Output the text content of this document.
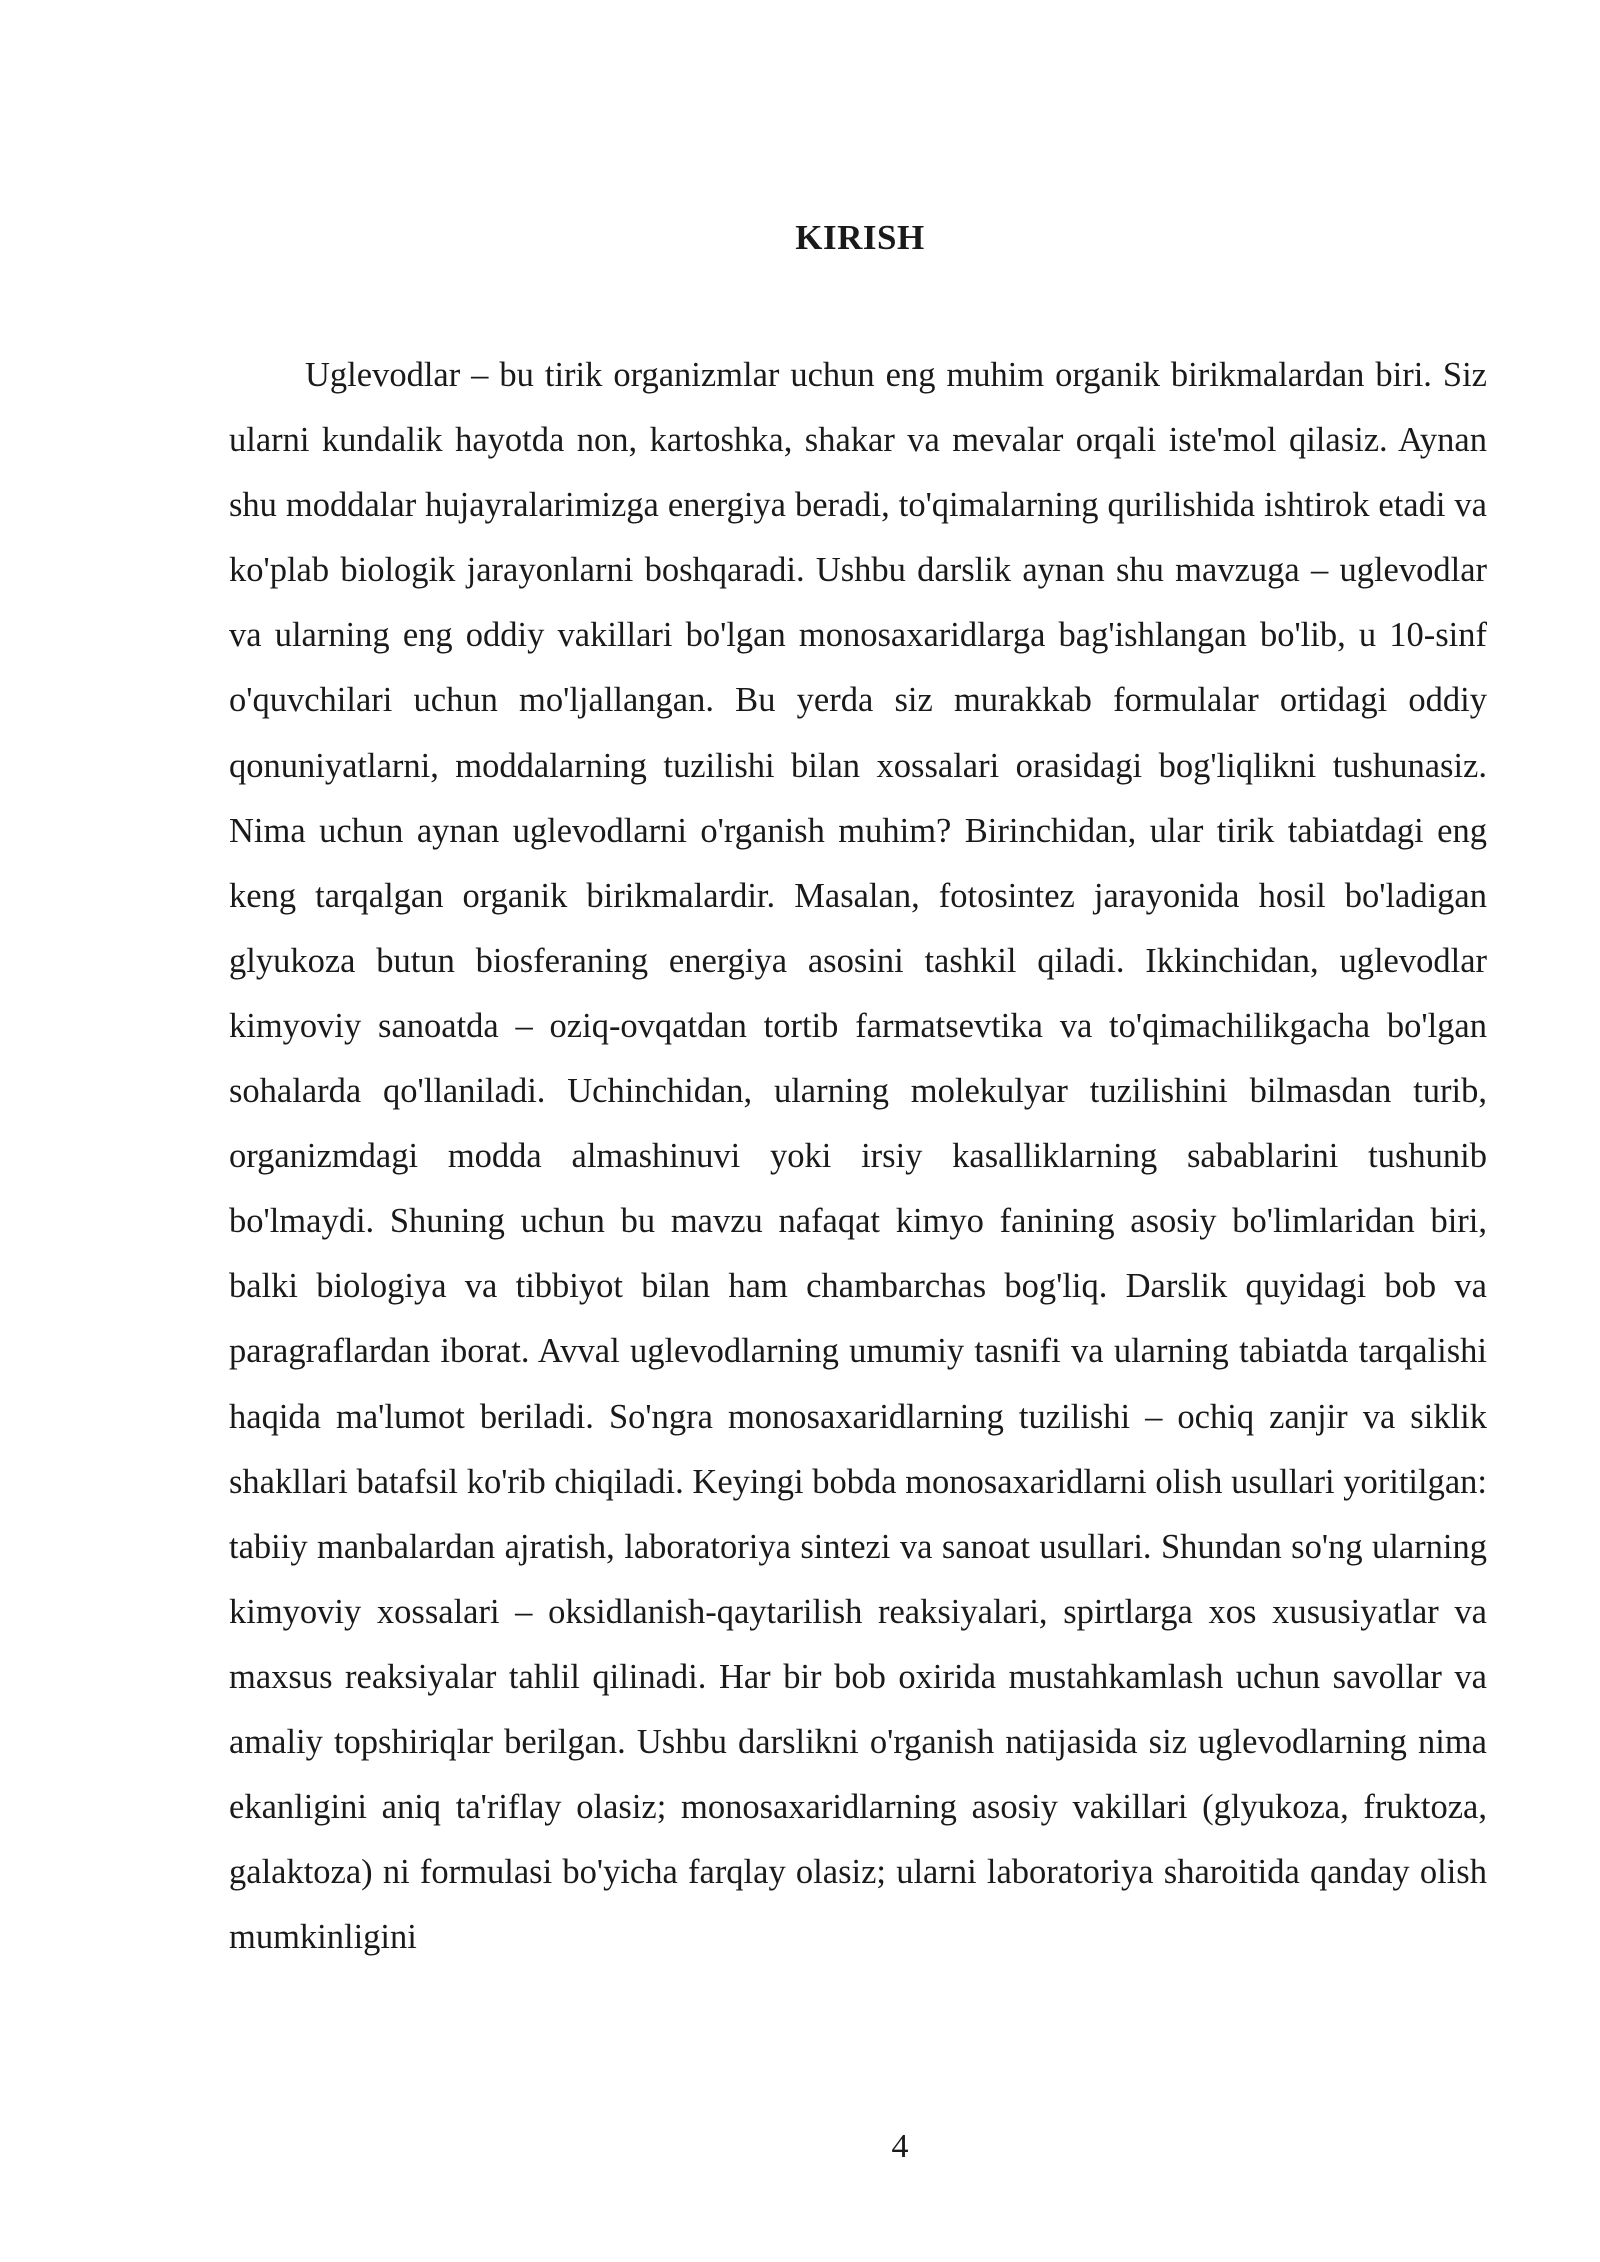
KIRISH

Uglevodlar – bu tirik organizmlar uchun eng muhim organik birikmalardan biri. Siz ularni kundalik hayotda non, kartoshka, shakar va mevalar orqali iste'mol qilasiz. Aynan shu moddalar hujayralarimizga energiya beradi, to'qimalarning qurilishida ishtirok etadi va ko'plab biologik jarayonlarni boshqaradi. Ushbu darslik aynan shu mavzuga – uglevodlar va ularning eng oddiy vakillari bo'lgan monosaxaridlarga bag'ishlangan bo'lib, u 10-sinf o'quvchilari uchun mo'ljallangan. Bu yerda siz murakkab formulalar ortidagi oddiy qonuniyatlarni, moddalarning tuzilishi bilan xossalari orasidagi bog'liqlikni tushunasiz. Nima uchun aynan uglevodlarni o'rganish muhim? Birinchidan, ular tirik tabiatdagi eng keng tarqalgan organik birikmalardir. Masalan, fotosintez jarayonida hosil bo'ladigan glyukoza butun biosferaning energiya asosini tashkil qiladi. Ikkinchidan, uglevodlar kimyoviy sanoatda – oziq-ovqatdan tortib farmatsevtika va to'qimachilikgacha bo'lgan sohalarda qo'llaniladi. Uchinchidan, ularning molekulyar tuzilishini bilmasdan turib, organizmdagi modda almashinuvi yoki irsiy kasalliklarning sabablarini tushunib bo'lmaydi. Shuning uchun bu mavzu nafaqat kimyo fanining asosiy bo'limlaridan biri, balki biologiya va tibbiyot bilan ham chambarchas bog'liq. Darslik quyidagi bob va paragraflardan iborat. Avval uglevodlarning umumiy tasnifi va ularning tabiatda tarqalishi haqida ma'lumot beriladi. So'ngra monosaxaridlarning tuzilishi – ochiq zanjir va siklik shakllari batafsil ko'rib chiqiladi. Keyingi bobda monosaxaridlarni olish usullari yoritilgan: tabiiy manbalardan ajratish, laboratoriya sintezi va sanoat usullari. Shundan so'ng ularning kimyoviy xossalari – oksidlanish-qaytarilish reaksiyalari, spirtlarga xos xususiyatlar va maxsus reaksiyalar tahlil qilinadi. Har bir bob oxirida mustahkamlash uchun savollar va amaliy topshiriqlar berilgan. Ushbu darslikni o'rganish natijasida siz uglevodlarning nima ekanligini aniq ta'riflay olasiz; monosaxaridlarning asosiy vakillari (glyukoza, fruktoza, galaktoza) ni formulasi bo'yicha farqlay olasiz; ularni laboratoriya sharoitida qanday olish mumkinligini

4
